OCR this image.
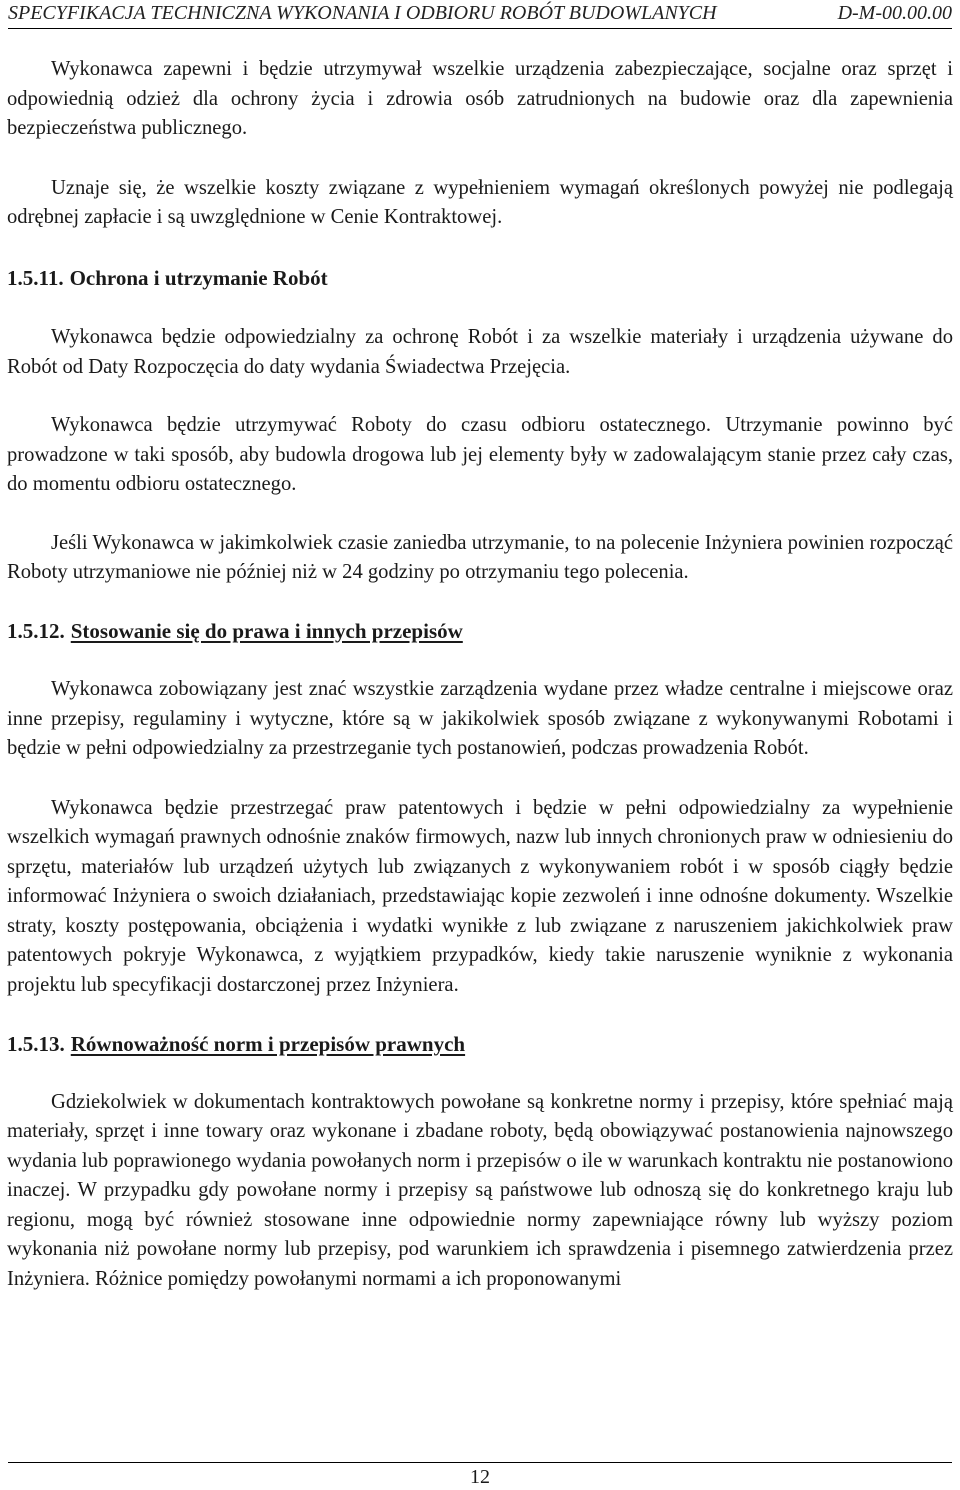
SPECYFIKACJA TECHNICZNA WYKONANIA I ODBIORU ROBÓT BUDOWLANYCH	D-M-00.00.00

Wykonawca zapewni i będzie utrzymywał wszelkie urządzenia zabezpieczające, socjalne oraz sprzęt i odpowiednią odzież dla ochrony życia i zdrowia osób zatrudnionych na budowie oraz dla zapewnienia bezpieczeństwa publicznego.

Uznaje się, że wszelkie koszty związane z wypełnieniem wymagań określonych powyżej nie podlegają odrębnej zapłacie i są uwzględnione w Cenie Kontraktowej.

1.5.11. Ochrona i utrzymanie Robót

Wykonawca będzie odpowiedzialny za ochronę Robót i za wszelkie materiały i urządzenia używane do Robót od Daty Rozpoczęcia do daty wydania Świadectwa Przejęcia.

Wykonawca będzie utrzymywać Roboty do czasu odbioru ostatecznego. Utrzymanie powinno być prowadzone w taki sposób, aby budowla drogowa lub jej elementy były w zadowalającym stanie przez cały czas, do momentu odbioru ostatecznego.

Jeśli Wykonawca w jakimkolwiek czasie zaniedba utrzymanie, to na polecenie Inżyniera powinien rozpocząć Roboty utrzymaniowe nie później niż w 24 godziny po otrzymaniu tego polecenia.

1.5.12. Stosowanie się do prawa i innych przepisów

Wykonawca zobowiązany jest znać wszystkie zarządzenia wydane przez władze centralne i miejscowe oraz inne przepisy, regulaminy i wytyczne, które są w jakikolwiek sposób związane z wykonywanymi Robotami i będzie w pełni odpowiedzialny za przestrzeganie tych postanowień, podczas prowadzenia Robót.

Wykonawca będzie przestrzegać praw patentowych i będzie w pełni odpowiedzialny za wypełnienie wszelkich wymagań prawnych odnośnie znaków firmowych, nazw lub innych chronionych praw w odniesieniu do sprzętu, materiałów lub urządzeń użytych lub związanych z wykonywaniem robót i w sposób ciągły będzie informować Inżyniera o swoich działaniach, przedstawiając kopie zezwoleń i inne odnośne dokumenty. Wszelkie straty, koszty postępowania, obciążenia i wydatki wynikłe z lub związane z naruszeniem jakichkolwiek praw patentowych pokryje Wykonawca, z wyjątkiem przypadków, kiedy takie naruszenie wyniknie z wykonania projektu lub specyfikacji dostarczonej przez Inżyniera.

1.5.13. Równoważność norm i przepisów prawnych

Gdziekolwiek w dokumentach kontraktowych powołane są konkretne normy i przepisy, które spełniać mają materiały, sprzęt i inne towary oraz wykonane i zbadane roboty, będą obowiązywać postanowienia najnowszego wydania lub poprawionego wydania powołanych norm i przepisów o ile w warunkach kontraktu nie postanowiono inaczej. W przypadku gdy powołane normy i przepisy są państwowe lub odnoszą się do konkretnego kraju lub regionu, mogą być również stosowane inne odpowiednie normy zapewniające równy lub wyższy poziom wykonania niż powołane normy lub przepisy, pod warunkiem ich sprawdzenia i pisemnego zatwierdzenia przez Inżyniera. Różnice pomiędzy powołanymi normami a ich proponowanymi

12
